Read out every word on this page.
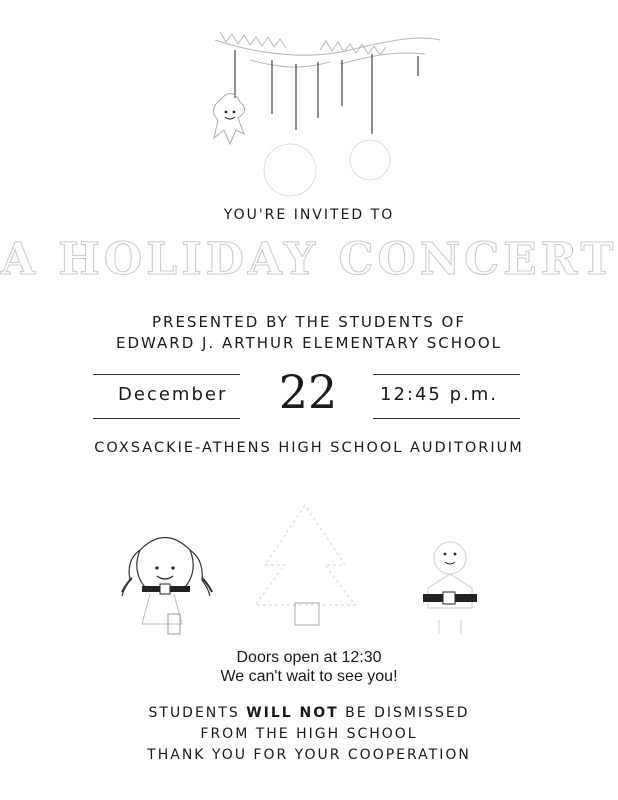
YOU'RE INVITED TO
A HOLIDAY CONCERT
PRESENTED BY THE STUDENTS OF
EDWARD J. ARTHUR ELEMENTARY SCHOOL
December 22	12:45 p.m.
COXSACKIE-ATHENS HIGH SCHOOL AUDITORIUM
Doors open at 12:30
We can't wait to see you!
STUDENTS WILL NOT BE DISMISSED
FROM THE HIGH SCHOOL
THANK YOU FOR YOUR COOPERATION
